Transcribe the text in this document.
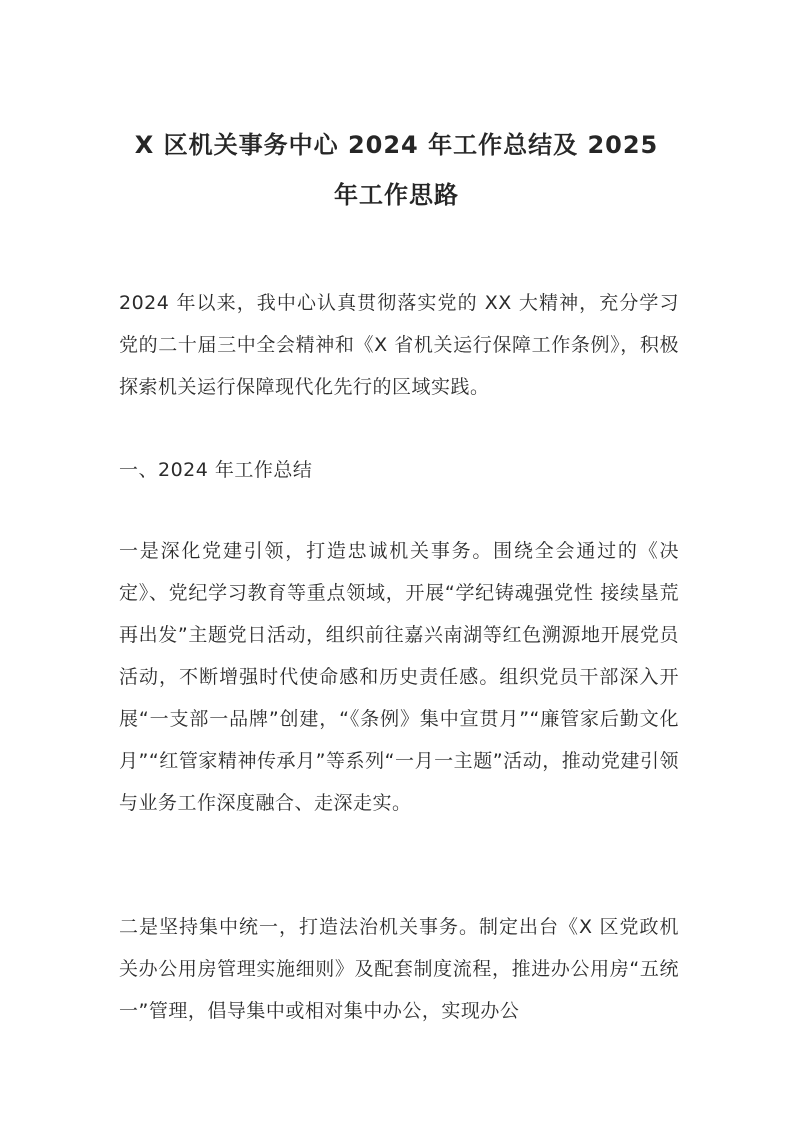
X 区机关事务中心 2024 年工作总结及 2025
年工作思路

2024 年以来，我中心认真贯彻落实党的 XX 大精神，充分学习党的二十届三中全会精神和《X 省机关运行保障工作条例》，积极探索机关运行保障现代化先行的区域实践。

一、2024 年工作总结

一是深化党建引领，打造忠诚机关事务。围绕全会通过的《决定》、党纪学习教育等重点领域，开展“学纪铸魂强党性 接续垦荒再出发”主题党日活动，组织前往嘉兴南湖等红色溯源地开展党员活动，不断增强时代使命感和历史责任感。组织党员干部深入开展“一支部一品牌”创建，“《条例》集中宣贯月”“廉管家后勤文化月”“红管家精神传承月”等系列“一月一主题”活动，推动党建引领与业务工作深度融合、走深走实。

二是坚持集中统一，打造法治机关事务。制定出台《X 区党政机关办公用房管理实施细则》及配套制度流程，推进办公用房“五统一”管理，倡导集中或相对集中办公，实现办公
